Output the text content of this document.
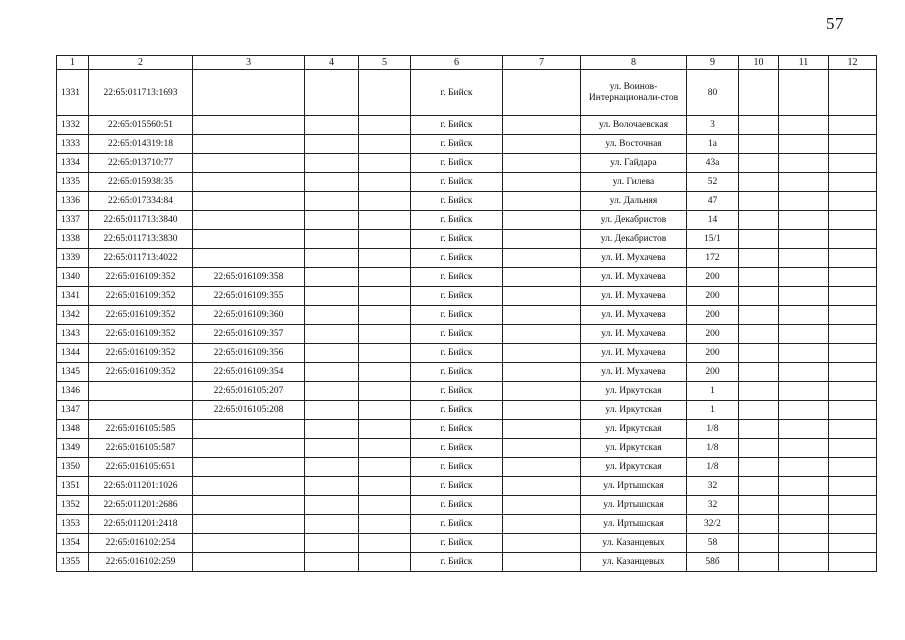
57
1	2	3	4	5	6	7	8	9	10	11	12
1331	22:65:011713:1693				г. Бийск		ул. Воинов-Интернационали-стов	80			
1332	22:65:015560:51				г. Бийск		ул. Волочаевская	3			
1333	22:65:014319:18				г. Бийск		ул. Восточная	1а			
1334	22:65:013710:77				г. Бийск		ул. Гайдара	43а			
1335	22:65:015938:35				г. Бийск		ул. Гилева	52			
1336	22:65:017334:84				г. Бийск		ул. Дальняя	47			
1337	22:65:011713:3840				г. Бийск		ул. Декабристов	14			
1338	22:65:011713:3830				г. Бийск		ул. Декабристов	15/1			
1339	22:65:011713:4022				г. Бийск		ул. И. Мухачева	172			
1340	22:65:016109:352	22:65:016109:358			г. Бийск		ул. И. Мухачева	200			
1341	22:65:016109:352	22:65:016109:355			г. Бийск		ул. И. Мухачева	200			
1342	22:65:016109:352	22:65:016109:360			г. Бийск		ул. И. Мухачева	200			
1343	22:65:016109:352	22:65:016109:357			г. Бийск		ул. И. Мухачева	200			
1344	22:65:016109:352	22:65:016109:356			г. Бийск		ул. И. Мухачева	200			
1345	22:65:016109:352	22:65:016109:354			г. Бийск		ул. И. Мухачева	200			
1346		22:65:016105:207			г. Бийск		ул. Иркутская	1			
1347		22:65:016105:208			г. Бийск		ул. Иркутская	1			
1348	22:65:016105:585				г. Бийск		ул. Иркутская	1/8			
1349	22:65:016105:587				г. Бийск		ул. Иркутская	1/8			
1350	22:65:016105:651				г. Бийск		ул. Иркутская	1/8			
1351	22:65:011201:1026				г. Бийск		ул. Иртышская	32			
1352	22:65:011201:2686				г. Бийск		ул. Иртышская	32			
1353	22:65:011201:2418				г. Бийск		ул. Иртышская	32/2			
1354	22:65:016102:254				г. Бийск		ул. Казанцевых	58			
1355	22:65:016102:259				г. Бийск		ул. Казанцевых	58б			
